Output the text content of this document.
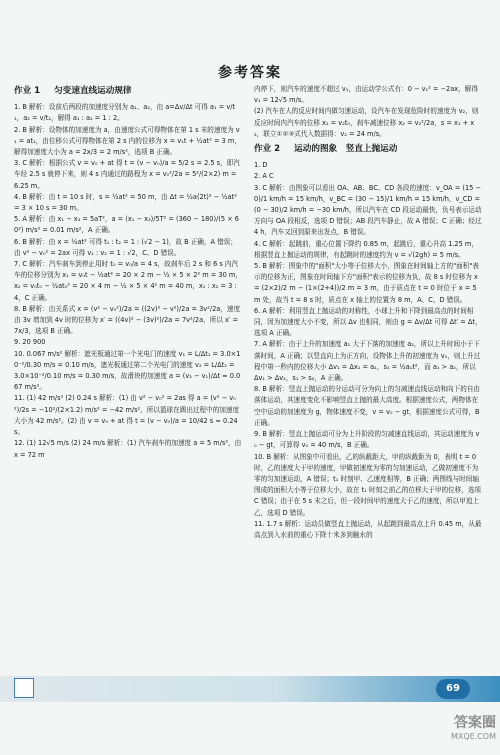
参考答案
作业 1 匀变速直线运动规律

1. B 解析：设前后两段的加速度分别为 a₁、a₂，由 a=Δv/Δt 可得 a₁ = v/t₁，a₂ = v/t₂，解得 a₁ : a₂ = 1 : 2。

2. B 解析：设物体的加速度为 a，由速度公式可得物体在第 1 s 末的速度为 v₁ = at₁，由位移公式可得物体在第 2 s 内的位移为 x = v₁t + ½at² = 3 m，解得加速度大小为 a = 2x/3 = 2 m/s²，选项 B 正确。

3. C 解析：根据公式 v = v₀ + at 得 t = (v − v₀)/a = 5/2 s = 2.5 s，即汽车经 2.5 s 就停下来，则 4 s 内通过的路程为 x = v₀²/2a = 5²/(2×2) m = 6.25 m。

4. B 解析：由 t = 10 s 时，s = ½at² = 50 m，由 Δt = ½a(2t)² − ½at² = 3 × 10 s = 30 m。

5. A 解析：由 x₁ − x₃ = 5aT²，a = (x₁ − x₃)/5T² = (360 − 180)/(5 × 60²) m/s² = 0.01 m/s²，A 正确。

6. B 解析：由 x = ½at² 可得 t₁ : t₂ = 1 : (√2 − 1)，故 B 正确，A 错误；由 v² − v₀² = 2ax 可得 v₁ : v₂ = 1 : √2，C、D 错误。

7. C 解析：汽车刹车到停止用时 t₀ = v₀/a = 4 s，故刹车后 2 s 和 6 s 内汽车的位移分别为 x₁ = v₀t − ½at² = 20 × 2 m − ½ × 5 × 2² m = 30 m，x₂ = v₀t₀ − ½at₀² = 20 × 4 m − ½ × 5 × 4² m = 40 m，x₁ : x₂ = 3 : 4，C 正确。

8. B 解析：由关系式 x = (v² − v₀²)/2a = ((2v)² − v²)/2a = 3v²/2a，速度由 3v 增加到 4v 时的位移为 x′ = ((4v)² − (3v)²)/2a = 7v²/2a，所以 x′ = 7x/3，选项 B 正确。

9. 20 900

10. 0.067 m/s² 解析：遮光板通过第一个光电门的速度 v₁ = L/Δt₁ = 3.0×10⁻²/0.30 m/s = 0.10 m/s，遮光板通过第二个光电门的速度 v₂ = L/Δt₂ = 3.0×10⁻²/0.10 m/s = 0.30 m/s，故滑块的加速度 a = (v₂ − v₁)/Δt ≈ 0.067 m/s²。

11. (1) 42 m/s² (2) 0.24 s 解析：(1) 由 v² − v₀² = 2as 得 a = (v² − v₀²)/2s = −10²/(2×1.2) m/s² = −42 m/s²，所以篮球在踢出过程中的加速度大小为 42 m/s²。(2) 由 v = v₀ + at 得 t = (v − v₀)/a = 10/42 s ≈ 0.24 s。

12. (1) 12√5 m/s (2) 24 m/s 解析：(1) 汽车刹车的加速度 a = 5 m/s²，由 x = 72 m

内停下，则汽车的速度不超过 v₁，由运动学公式有：0 − v₁² = −2ax，解得 v₁ = 12√5 m/s。

(2) 汽车在人的反应时间内做匀速运动，设汽车在发现危险时的速度为 v₂，则反应时间内汽车的位移 x₁ = v₂t₀，刹车减速位移 x₂ = v₂²/2a，s = x₁ + x₂，联立①②③式代入数据得：v₂ = 24 m/s。

作业 2 运动的图象　竖直上抛运动

1. D

2. A C

3. C 解析：由图象可以看出 OA、AB、BC、CD 各段的速度：v_OA = (15 − 0)/1 km/h = 15 km/h，v_BC = (30 − 15)/1 km/h = 15 km/h，v_CD = (0 − 30)/2 km/h = −30 km/h，所以汽车在 CD 段运动最快，负号表示运动方向与 OA 段相反，选项 D 错误；AB 段汽车静止，故 A 错误；C 正确；经过 4 h，汽车又回到原来出发点，B 错误。

4. C 解析：起跳前，重心位置下降约 0.85 m，起跳后，重心升高 1.25 m，根据竖直上抛运动的规律，有起跳时的速度约为 v = √(2gh) = 5 m/s。

5. B 解析：图象中的"面积"大小等于位移大小，图象在时间轴上方的"面积"表示的位移为正，图象在时间轴下方"面积"表示的位移为负，故 8 s 时位移为 x = (2×2)/2 m − (1×(2+4))/2 m = 3 m，由于质点在 t = 0 时位于 x = 5 m 处，故当 t = 8 s 时，质点在 x 轴上的位置为 8 m，A、C、D 错误。

6. A 解析：利用竖直上抛运动的对称性，小球上升和下降到最高点的时间相同，因为加速度大小不变，所以 Δv 也相同，则由 g = Δv/Δt 可得 Δt′ = Δt，选项 A 正确。

7. A 解析：由于上升的加速度 a₁ 大于下落的加速度 a₂，所以上升时间小于下落时间，A 正确；以竖直向上为正方向，设物体上升的初速度为 v₀，则上升过程中第一秒内的位移大小 Δv₁ = Δx₁ = a₁，s₁ = ½a₁t²，而 a₁ > a₂，所以 Δv₁ > Δv₂，s₁ > s₂，A 正确。

8. B 解析：竖直上抛运动的分运动可分为向上的匀减速直线运动和向下的自由落体运动，其速度变化不影响竖直上抛的最大高度。根据速度公式，两物体在空中运动的加速度为 g，物体速度不变，v = v₀ − gt，根据速度公式可得，B 正确。

9. B 解析：竖直上抛运动可分为上升阶段的匀减速直线运动，其运动速度为 v₀ − gt，可算得 v₀ = 40 m/s，B 正确。

10. B 解析：从图象中可看出，乙的纵截距大，甲的纵截距为 0，表明 t = 0 时，乙的速度大于甲的速度，甲做初速度为零的匀加速运动，乙做初速度不为零的匀加速运动，A 错误；t₁ 时刻甲、乙速度相等，B 正确；两图线与时间轴围成的面积大小等于位移大小，故在 t₁ 时刻之前乙的位移大于甲的位移，选项 C 错误；由于在 5 s 末之后，但一段时间甲的速度大于乙的速度，所以甲追上乙，选项 D 错误。

11. 1.7 s 解析：运动员做竖直上抛运动，从起跳到最高点上升 0.45 m，从最高点到入水前的重心下降十米多到触水的

69
答案圈
MXQE.COM
